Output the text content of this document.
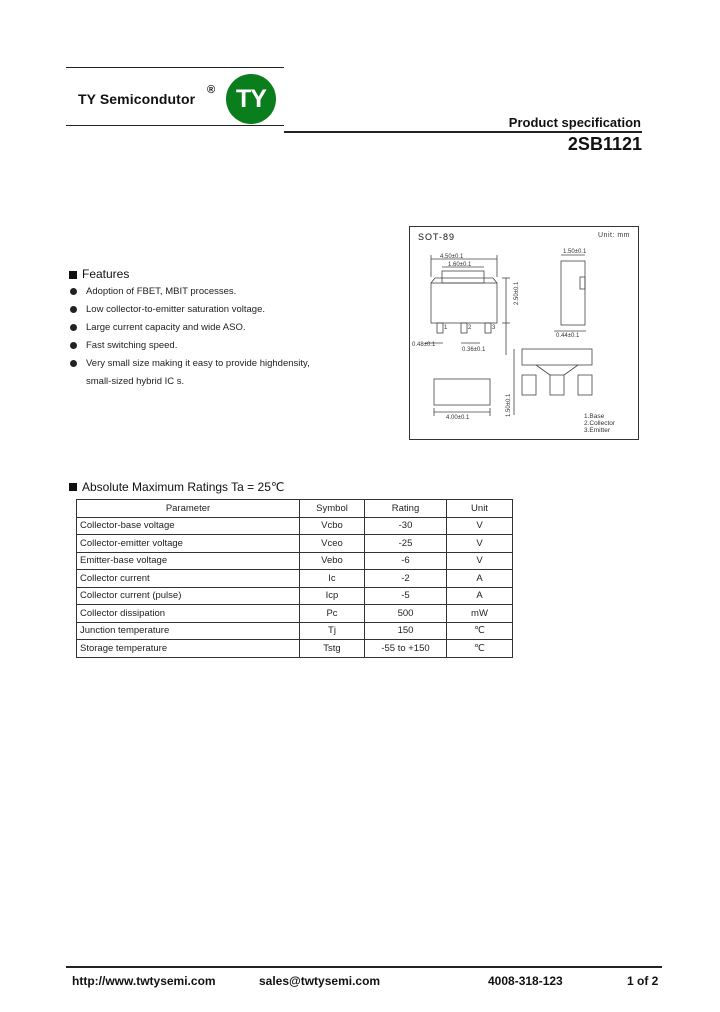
TY Semicondutor
® TY
Product specification
2SB1121
Features
Adoption of FBET, MBIT processes.
Low collector-to-emitter saturation voltage.
Large current capacity and wide ASO.
Fast switching speed.
Very small size making it easy to provide highdensity,
small-sized hybrid IC s.
SOT-89	Unit: mm
4.50±0.1
1.60±0.1
1.50±0.1
2.50±0.1
0.44±0.1
0.48±0.1
0.36±0.1
4.00±0.1
1.50±0.1
1	2	3
1.Base
2.Collector
3.Emitter
Absolute Maximum Ratings Ta = 25℃
Parameter	Symbol	Rating	Unit
Collector-base voltage	Vcbo	-30	V
Collector-emitter voltage	Vceo	-25	V
Emitter-base voltage	Vebo	-6	V
Collector current	Ic	-2	A
Collector current (pulse)	Icp	-5	A
Collector dissipation	Pc	500	mW
Junction temperature	Tj	150	℃
Storage temperature	Tstg	-55 to +150	℃
http://www.twtysemi.com	sales@twtysemi.com	4008-318-123	1 of 2
